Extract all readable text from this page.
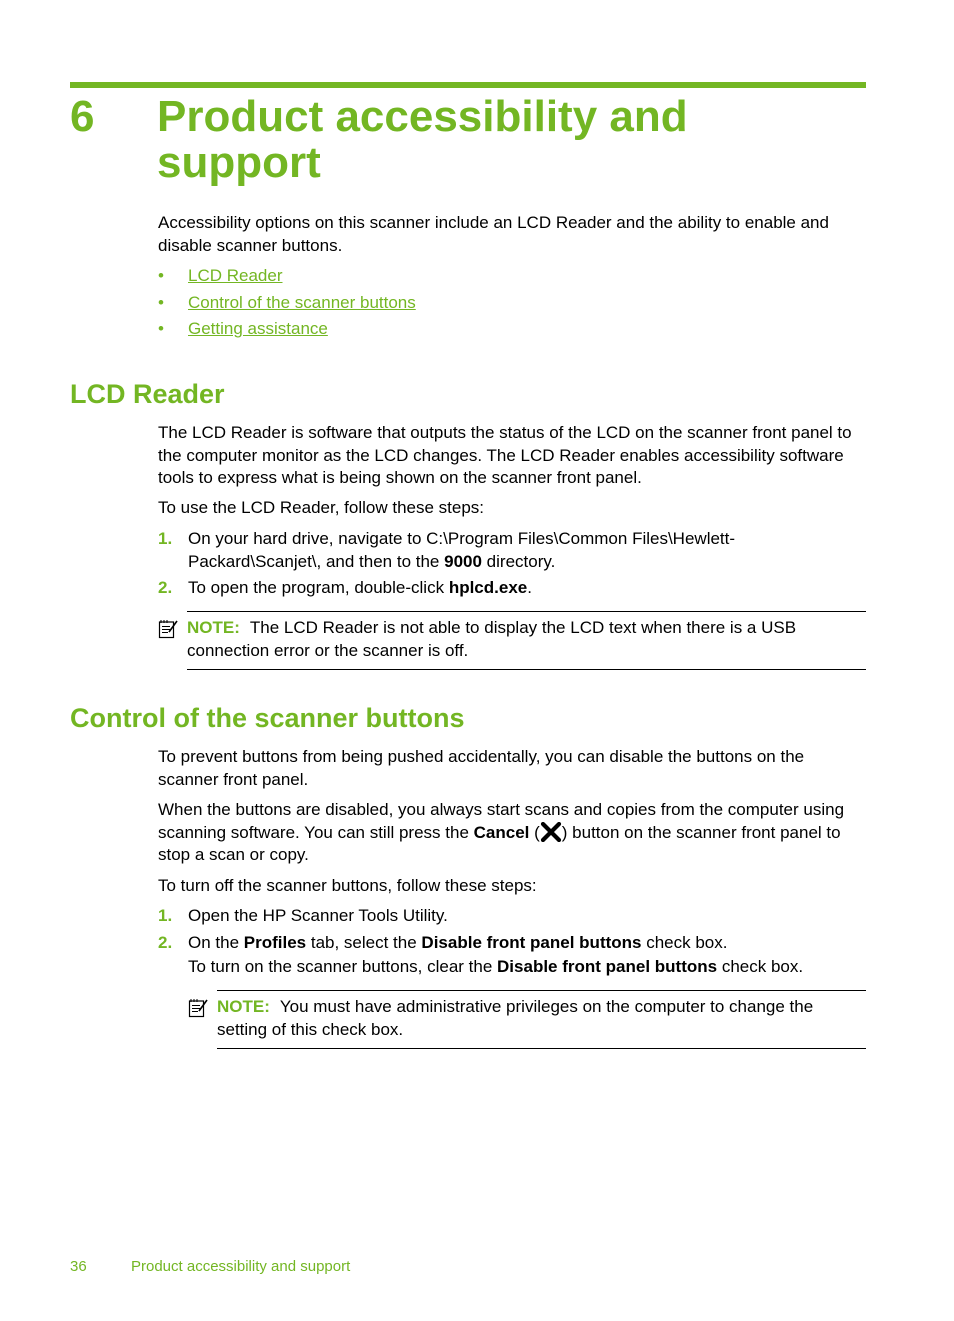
6 Product accessibility and support

Accessibility options on this scanner include an LCD Reader and the ability to enable and disable scanner buttons.

• LCD Reader
• Control of the scanner buttons
• Getting assistance
LCD Reader

The LCD Reader is software that outputs the status of the LCD on the scanner front panel to the computer monitor as the LCD changes. The LCD Reader enables accessibility software tools to express what is being shown on the scanner front panel.

To use the LCD Reader, follow these steps:

1. On your hard drive, navigate to C:\Program Files\Common Files\Hewlett-Packard\Scanjet\, and then to the 9000 directory.

2. To open the program, double-click hplcd.exe.

NOTE: The LCD Reader is not able to display the LCD text when there is a USB connection error or the scanner is off.

Control of the scanner buttons

To prevent buttons from being pushed accidentally, you can disable the buttons on the scanner front panel.

When the buttons are disabled, you always start scans and copies from the computer using scanning software. You can still press the Cancel ( ) button on the scanner front panel to stop a scan or copy.

To turn off the scanner buttons, follow these steps:

1. Open the HP Scanner Tools Utility.

2. On the Profiles tab, select the Disable front panel buttons check box.

To turn on the scanner buttons, clear the Disable front panel buttons check box.

NOTE: You must have administrative privileges on the computer to change the setting of this check box.

36	Product accessibility and support
